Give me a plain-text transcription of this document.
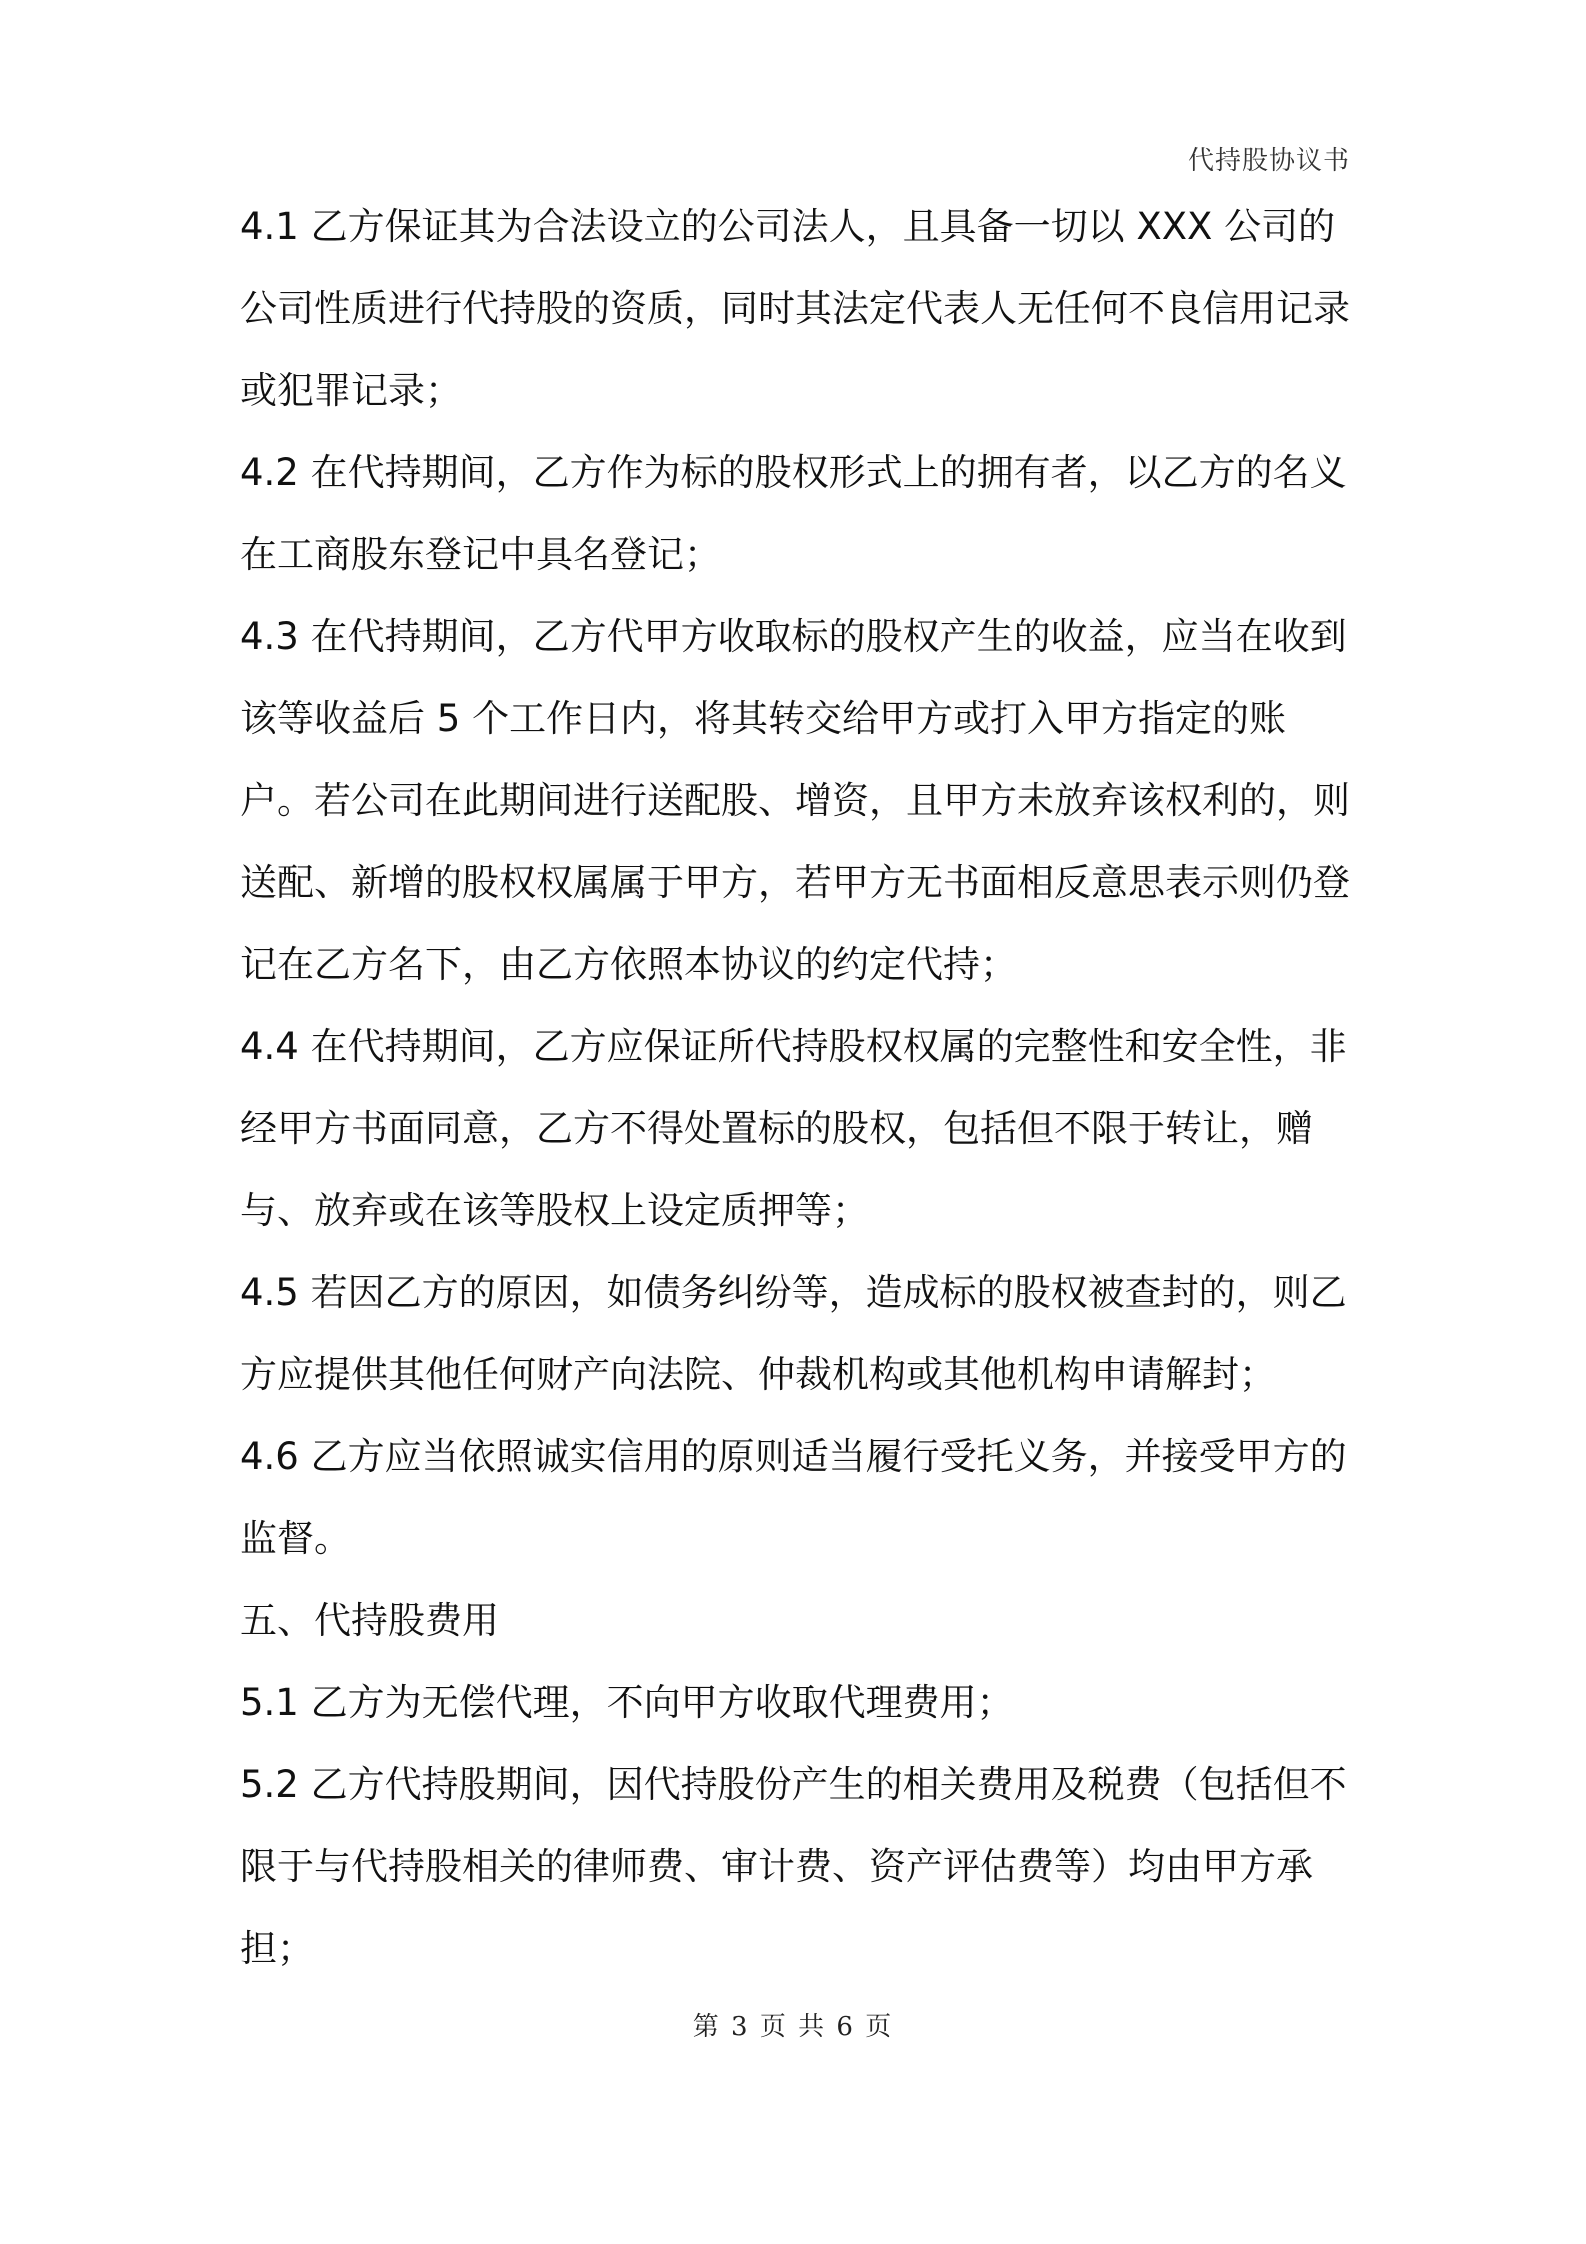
代持股协议书

4.1 乙方保证其为合法设立的公司法人，且具备一切以 XXX 公司的公司性质进行代持股的资质，同时其法定代表人无任何不良信用记录或犯罪记录；

4.2 在代持期间，乙方作为标的股权形式上的拥有者，以乙方的名义在工商股东登记中具名登记；

4.3 在代持期间，乙方代甲方收取标的股权产生的收益，应当在收到该等收益后 5 个工作日内，将其转交给甲方或打入甲方指定的账户。若公司在此期间进行送配股、增资，且甲方未放弃该权利的，则送配、新增的股权权属属于甲方，若甲方无书面相反意思表示则仍登记在乙方名下，由乙方依照本协议的约定代持；

4.4 在代持期间，乙方应保证所代持股权权属的完整性和安全性，非经甲方书面同意，乙方不得处置标的股权，包括但不限于转让，赠与、放弃或在该等股权上设定质押等；

4.5 若因乙方的原因，如债务纠纷等，造成标的股权被查封的，则乙方应提供其他任何财产向法院、仲裁机构或其他机构申请解封；

4.6 乙方应当依照诚实信用的原则适当履行受托义务，并接受甲方的监督。

五、代持股费用

5.1 乙方为无偿代理，不向甲方收取代理费用；

5.2 乙方代持股期间，因代持股份产生的相关费用及税费（包括但不限于与代持股相关的律师费、审计费、资产评估费等）均由甲方承担；

第 3 页 共 6 页
